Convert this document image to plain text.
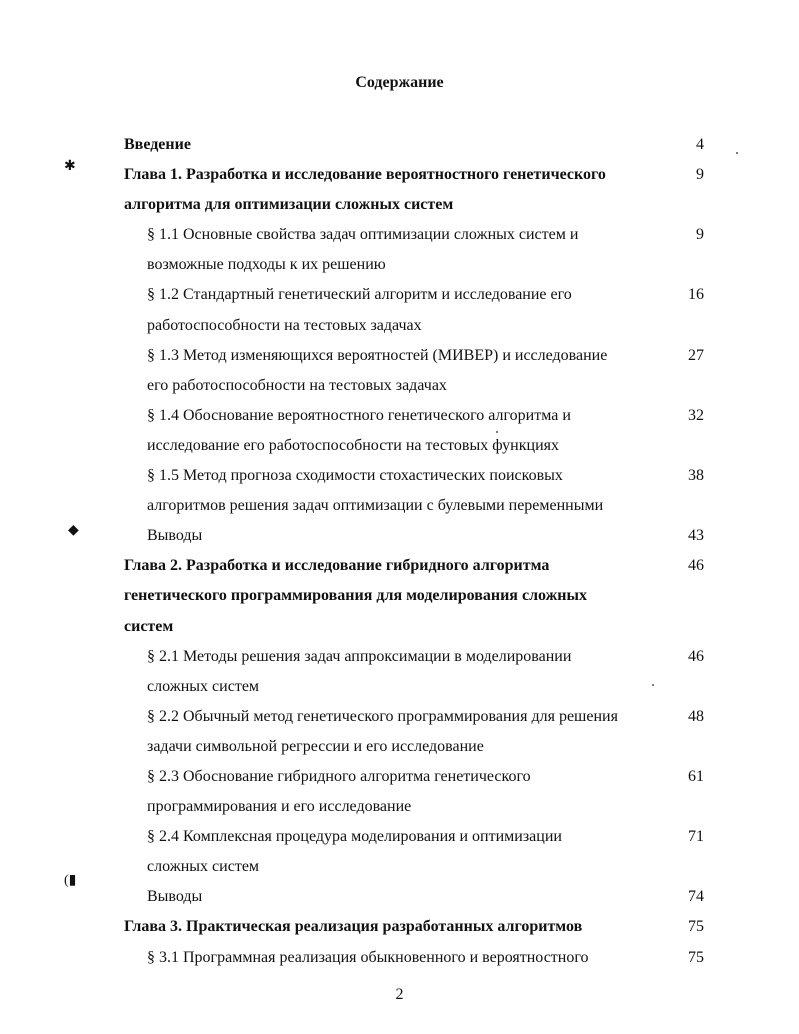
Содержание
Введение	4
Глава 1. Разработка и исследование вероятностного генетического	9
алгоритма для оптимизации сложных систем
§ 1.1 Основные свойства задач оптимизации сложных систем и	9
возможные подходы к их решению
§ 1.2 Стандартный генетический алгоритм и исследование его	16
работоспособности на тестовых задачах
§ 1.3 Метод изменяющихся вероятностей (МИВЕР) и исследование	27
его работоспособности на тестовых задачах
§ 1.4 Обоснование вероятностного генетического алгоритма и	32
исследование его работоспособности на тестовых функциях
§ 1.5 Метод прогноза сходимости стохастических поисковых	38
алгоритмов решения задач оптимизации с булевыми переменными
Выводы	43
Глава 2. Разработка и исследование гибридного алгоритма	46
генетического программирования для моделирования сложных
систем
§ 2.1 Методы решения задач аппроксимации в моделировании	46
сложных систем
§ 2.2 Обычный метод генетического программирования для решения	48
задачи символьной регрессии и его исследование
§ 2.3 Обоснование гибридного алгоритма генетического	61
программирования и его исследование
§ 2.4 Комплексная процедура моделирования и оптимизации	71
сложных систем
Выводы	74
Глава 3. Практическая реализация разработанных алгоритмов	75
§ 3.1 Программная реализация обыкновенного и вероятностного	75
✱
◆
(▮
2
